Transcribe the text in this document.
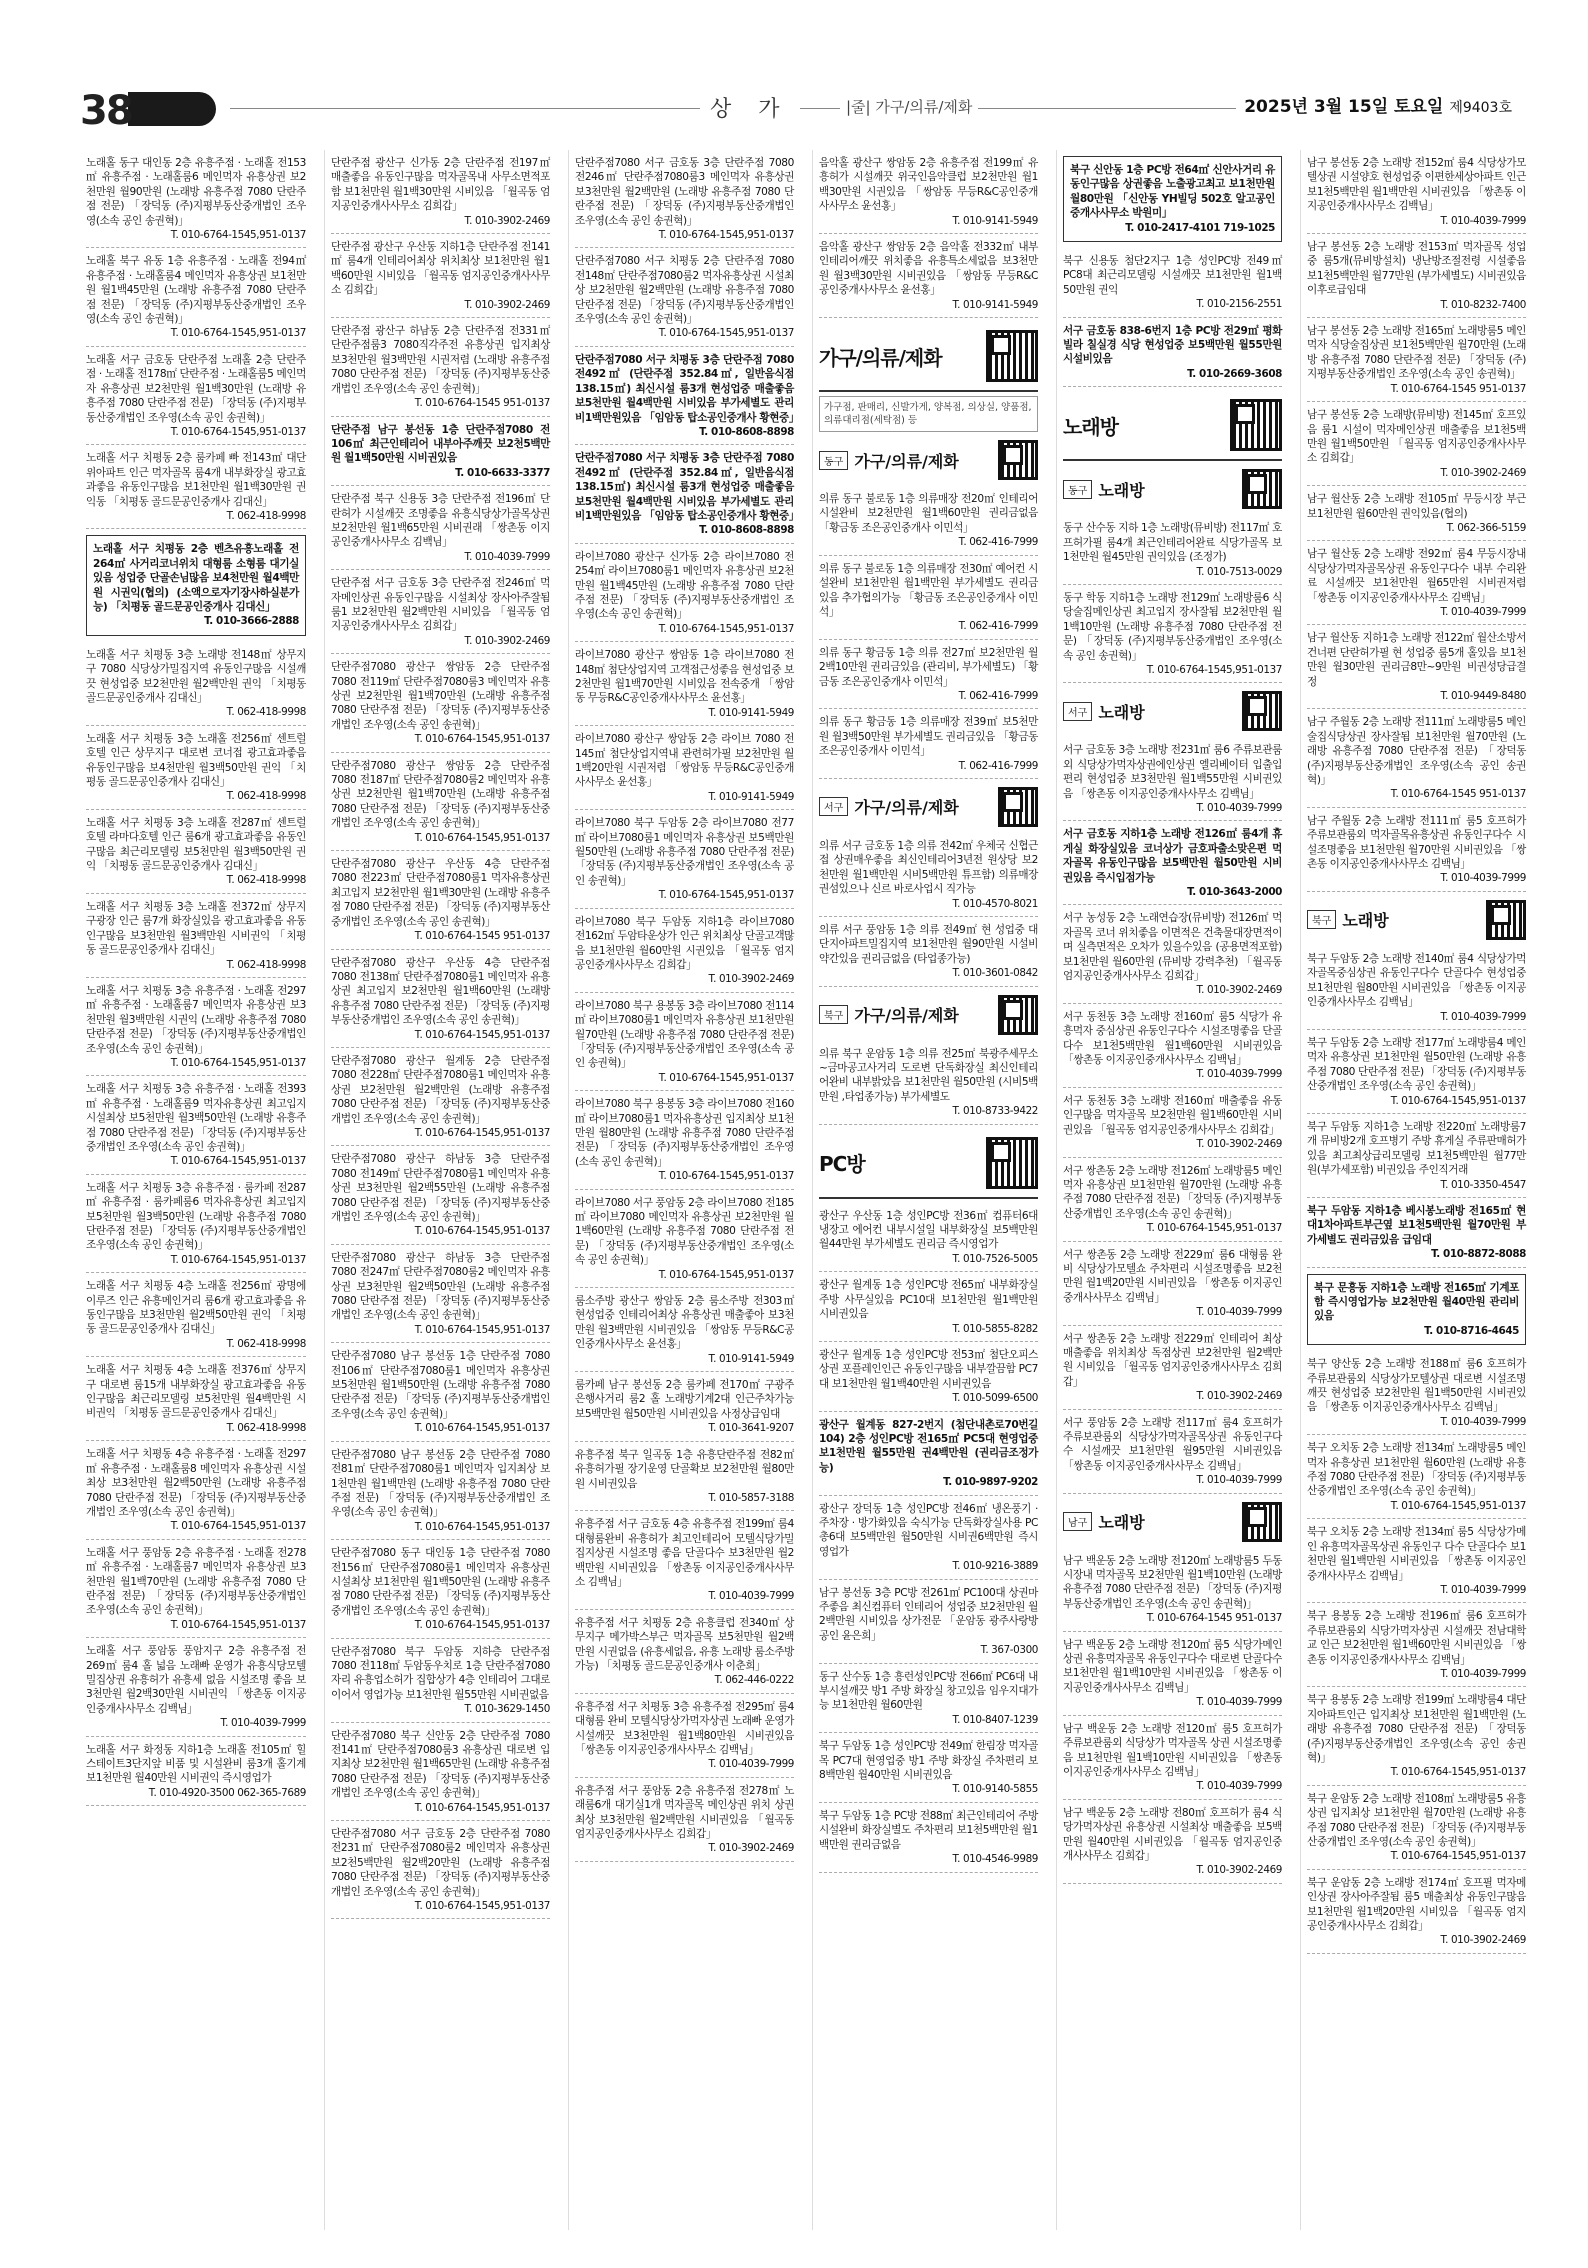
38	상 가	|줄| 가구/의류/제화	2025년 3월 15일 토요일 제9403호
노래홀 동구 대인동 2층 유흥주점 · 노래홀 전153㎡ 유흥주점 · 노래홀룸6 메인먹자 유흥상권 보2천만원 월90만원 (노래방 유흥주점 7080 단란주점 전문) 「장덕동 (주)지평부동산중개법인 조우영(소속 공인 송권혁)」
T. 010-6764-1545,951-0137
노래홀 북구 유동 1층 유흥주점 · 노래홀 전94㎡ 유흥주점 · 노래홀룸4 메인먹자 유흥상권 보1천만원 월1백45만원 (노래방 유흥주점 7080 단란주점 전문) 「장덕동 (주)지평부동산중개법인 조우영(소속 공인 송권혁)」
T. 010-6764-1545,951-0137
노래홀 서구 금호동 단란주점 노래홀 2층 단란주점 · 노래홀 전178㎡ 단란주점 · 노래홀룸5 메인먹자 유흥상권 보2천만원 월1백30만원 (노래방 유흥주점 7080 단란주점 전문) 「장덕동 (주)지평부동산중개법인 조우영(소속 공인 송권혁)」
T. 010-6764-1545,951-0137
노래홀 서구 치평동 2층 룸카페 빠 전143㎡ 대단위아파트 인근 먹자골목 룸4개 내부화장실 광고효과좋음 유동인구많음 보1천만원 월1백30만원 권익동 「치평동 골드문공인중개사 김대신」
T. 062-418-9998
노래홀 서구 치평동 2층 벤츠유흥노래홀 전264㎡ 사거리코너위치 대형룸 소형룸 대기실있음 성업중 단골손님많음 보4천만원 월4백만원 시권익(협의) (소액으로자기장사하실분가능) 「치평동 골드문공인중개사 김대신」
T. 010-3666-2888
노래홀 서구 치평동 3층 노래방 전148㎡ 상무지구 7080 식당상가밀집지역 유동인구많음 시설깨끗 현성업중 보2천만원 월2백만원 권익 「치평동 골드문공인중개사 김대신」
T. 062-418-9998
노래홀 서구 치평동 3층 노래홀 전256㎡ 센트럴호텔 인근 상무지구 대로변 코너접 광고효과좋음 유동인구많음 보4천만원 월3백50만원 권익 「치평동 골드문공인중개사 김대신」
T. 062-418-9998
노래홀 서구 치평동 3층 노래홀 전287㎡ 센트럴호텔 라마다호텔 인근 룸6개 광고효과좋음 유동인구많음 최근리모델링 보5천만원 월3백50만원 권익 「치평동 골드문공인중개사 김대신」
T. 062-418-9998
노래홀 서구 치평동 3층 노래홀 전372㎡ 상무지구광장 인근 룸7개 화장실있음 광고효과좋음 유동인구많음 보3천만원 월3백만원 시비권익 「치평동 골드문공인중개사 김대신」
T. 062-418-9998
노래홀 서구 치평동 3층 유흥주점 · 노래홀 전297㎡ 유흥주점 · 노래홀룸7 메인먹자 유흥상권 보3천만원 월3백만원 시권익 (노래방 유흥주점 7080 단란주점 전문) 「장덕동 (주)지평부동산중개법인 조우영(소속 공인 송권혁)」
T. 010-6764-1545,951-0137
노래홀 서구 치평동 3층 유흥주점 · 노래홀 전393㎡ 유흥주점 · 노래홀룸9 먹자유흥상권 최고입지 시설최상 보5천만원 월3백50만원 (노래방 유흥주점 7080 단란주점 전문) 「장덕동 (주)지평부동산중개법인 조우영(소속 공인 송권혁)」
T. 010-6764-1545,951-0137
노래홀 서구 치평동 3층 유흥주점 · 룸카페 전287㎡ 유흥주점 · 룸카페룸6 먹자유흥상권 최고입지 보5천만원 월3백50만원 (노래방 유흥주점 7080 단란주점 전문) 「장덕동 (주)지평부동산중개법인 조우영(소속 공인 송권혁)」
T. 010-6764-1545,951-0137
노래홀 서구 치평동 4층 노래홀 전256㎡ 광명에이루즈 인근 유흥메인거리 룸6개 광고효과좋음 유동인구많음 보3천만원 월2백50만원 권익 「치평동 골드문공인중개사 김대신」
T. 062-418-9998
노래홀 서구 치평동 4층 노래홀 전376㎡ 상무지구 대로변 룸15개 내부화장실 광고효과좋음 유동인구많음 최근리모델링 보5천만원 월4백만원 시비권익 「치평동 골드문공인중개사 김대신」
T. 062-418-9998
노래홀 서구 치평동 4층 유흥주점 · 노래홀 전297㎡ 유흥주점 · 노래홀룸8 메인먹자 유흥상권 시설최상 보3천만원 월2백50만원 (노래방 유흥주점 7080 단란주점 전문) 「장덕동 (주)지평부동산중개법인 조우영(소속 공인 송권혁)」
T. 010-6764-1545,951-0137
노래홀 서구 풍암동 2층 유흥주점 · 노래홀 전278㎡ 유흥주점 · 노래홀룸7 메인먹자 유흥상권 보3천만원 월1백70만원 (노래방 유흥주점 7080 단란주점 전문) 「장덕동 (주)지평부동산중개법인 조우영(소속 공인 송권혁)」
T. 010-6764-1545,951-0137
노래홀 서구 풍암동 풍암지구 2층 유흥주점 전269㎡ 룸4 홀 넓음 노래빠 운영가 유흥식당모텔밀집상권 유흥허가 유흥세 없음 시설조명 좋음 보3천만원 월2백30만원 시비권익 「쌍촌동 이지공인중개사사무소 김백님」
T. 010-4039-7999
노래홀 서구 화정동 지하1층 노래홀 전105㎡ 힐스테이트3단지앞 비품 및 시설완비 룸3개 홀기계 보1천만원 월40만원 시비권익 즉시영업가
T. 010-4920-3500 062-365-7689
단란주점 광산구 신가동 2층 단란주점 전197㎡ 매출좋음 유동인구많음 먹자골목내 사무소면적포함 보1천만원 월1백30만원 시비있음 「월곡동 엄지공인중개사사무소 김희갑」
T. 010-3902-2469
단란주점 광산구 우산동 지하1층 단란주점 전141㎡ 룸4개 인테리어최상 위치최상 보1천만원 월1백60만원 시비있음 「월곡동 엄지공인중개사사무소 김희갑」
T. 010-3902-2469
단란주점 광산구 하남동 2층 단란주점 전331㎡ 단란주점룸3 7080직각주전 유흥상권 입지최상 보3천만원 월3백만원 시권저렴 (노래방 유흥주점 7080 단란주점 전문) 「장덕동 (주)지평부동산중개법인 조우영(소속 공인 송권혁)」
T. 010-6764-1545 951-0137
단란주점 남구 봉선동 1층 단란주점7080 전106㎡ 최근인테리어 내부아주깨끗 보2천5백만원 월1백50만원 시비권있음
T. 010-6633-3377
단란주점 북구 신용동 3층 단란주점 전196㎡ 단란허가 시설깨끗 조명좋음 유흥식당상가골목상권 보2천만원 월1백65만원 시비권래 「쌍촌동 이지공인중개사사무소 김백님」
T. 010-4039-7999
단란주점 서구 금호동 3층 단란주점 전246㎡ 먹자메인상권 유동인구많음 시설최상 장사아주잘됨 룸1 보2천만원 월2백만원 시비있음 「월곡동 엄지공인중개사사무소 김희갑」
T. 010-3902-2469
단란주점7080 광산구 쌍암동 2층 단란주점 7080 전119㎡ 단란주점7080룸3 메인먹자 유흥상권 보2천만원 월1백70만원 (노래방 유흥주점 7080 단란주점 전문) 「장덕동 (주)지평부동산중개법인 조우영(소속 공인 송권혁)」
T. 010-6764-1545,951-0137
단란주점7080 광산구 쌍암동 2층 단란주점 7080 전187㎡ 단란주점7080룸2 메인먹자 유흥상권 보2천만원 월1백70만원 (노래방 유흥주점 7080 단란주점 전문) 「장덕동 (주)지평부동산중개법인 조우영(소속 공인 송권혁)」
T. 010-6764-1545,951-0137
단란주점7080 광산구 우산동 4층 단란주점 7080 전223㎡ 단란주점7080룸1 먹자유흥상권 최고입지 보2천만원 월1백30만원 (노래방 유흥주점 7080 단란주점 전문) 「장덕동 (주)지평부동산중개법인 조우영(소속 공인 송권혁)」
T. 010-6764-1545 951-0137
단란주점7080 광산구 우산동 4층 단란주점 7080 전138㎡ 단란주점7080룸1 메인먹자 유흥상권 최고입지 보2천만원 월1백60만원 (노래방 유흥주점 7080 단란주점 전문) 「장덕동 (주)지평부동산중개법인 조우영(소속 공인 송권혁)」
T. 010-6764-1545,951-0137
단란주점7080 광산구 월계동 2층 단란주점 7080 전228㎡ 단란주점7080룸1 메인먹자 유흥상권 보2천만원 월2백만원 (노래방 유흥주점 7080 단란주점 전문) 「장덕동 (주)지평부동산중개법인 조우영(소속 공인 송권혁)」
T. 010-6764-1545,951-0137
단란주점7080 광산구 하남동 3층 단란주점 7080 전149㎡ 단란주점7080룸1 메인먹자 유흥상권 보3천만원 월2백55만원 (노래방 유흥주점 7080 단란주점 전문) 「장덕동 (주)지평부동산중개법인 조우영(소속 공인 송권혁)」
T. 010-6764-1545,951-0137
단란주점7080 광산구 하남동 3층 단란주점 7080 전247㎡ 단란주점7080룸2 메인먹자 유흥상권 보3천만원 월2백50만원 (노래방 유흥주점 7080 단란주점 전문) 「장덕동 (주)지평부동산중개법인 조우영(소속 공인 송권혁)」
T. 010-6764-1545,951-0137
단란주점7080 남구 봉선동 1층 단란주점 7080 전106㎡ 단란주점7080룸1 메인먹자 유흥상권 보5천만원 월1백50만원 (노래방 유흥주점 7080 단란주점 전문) 「장덕동 (주)지평부동산중개법인 조우영(소속 공인 송권혁)」
T. 010-6764-1545,951-0137
단란주점7080 남구 봉선동 2층 단란주점 7080 전81㎡ 단란주점7080룸1 메인먹자 입지최상 보1천만원 월1백만원 (노래방 유흥주점 7080 단란주점 전문) 「장덕동 (주)지평부동산중개법인 조우영(소속 공인 송권혁)」
T. 010-6764-1545,951-0137
단란주점7080 동구 대인동 1층 단란주점 7080 전156㎡ 단란주점7080룸1 메인먹자 유흥상권 시설최상 보1천만원 월1백50만원 (노래방 유흥주점 7080 단란주점 전문) 「장덕동 (주)지평부동산중개법인 조우영(소속 공인 송권혁)」
T. 010-6764-1545,951-0137
단란주점7080 북구 두암동 지하층 단란주점7080 전118㎡ 두암동우치로 1층 단란주점7080 자리 유흥업소허가 집합상가 4층 인테리어 그대로 이어서 영업가능 보1천만원 월55만원 시비권없음
T. 010-3629-1450
단란주점7080 북구 신안동 2층 단란주점 7080 전141㎡ 단란주점7080룸3 유흥상권 대로변 입지최상 보2천만원 월1백65만원 (노래방 유흥주점 7080 단란주점 전문) 「장덕동 (주)지평부동산중개법인 조우영(소속 공인 송권혁)」
T. 010-6764-1545,951-0137
단란주점7080 서구 금호동 2층 단란주점 7080 전231㎡ 단란주점7080룸2 메인먹자 유흥상권 보2천5백만원 월2백20만원 (노래방 유흥주점 7080 단란주점 전문) 「장덕동 (주)지평부동산중개법인 조우영(소속 공인 송권혁)」
T. 010-6764-1545,951-0137
단란주점7080 서구 금호동 3층 단란주점 7080 전246㎡ 단란주점7080룸3 메인먹자 유흥상권 보3천만원 월2백만원 (노래방 유흥주점 7080 단란주점 전문) 「장덕동 (주)지평부동산중개법인 조우영(소속 공인 송권혁)」
T. 010-6764-1545,951-0137
단란주점7080 서구 치평동 2층 단란주점 7080 전148㎡ 단란주점7080룸2 먹자유흥상권 시설최상 보2천만원 월2백만원 (노래방 유흥주점 7080 단란주점 전문) 「장덕동 (주)지평부동산중개법인 조우영(소속 공인 송권혁)」
T. 010-6764-1545,951-0137
단란주점7080 서구 치평동 3층 단란주점 7080 전492㎡ (단란주점 352.84㎡, 일반음식점 138.15㎡) 최신시설 룸3개 현성업중 매출좋음 보5천만원 월4백만원 시비있음 부가세별도 관리비1백만원있음 「임암동 탑소공인중개사 황현중」
T. 010-8608-8898
단란주점7080 서구 치평동 3층 단란주점 7080 전492㎡ (단란주점 352.84㎡, 일반음식점 138.15㎡) 최신시설 룸3개 현성업중 매출좋음 보5천만원 월4백만원 시비있음 부가세별도 관리비1백만원있음 「임암동 탑소공인중개사 황현중」
T. 010-8608-8898
라이브7080 광산구 신가동 2층 라이브7080 전254㎡ 라이브7080룸1 메인먹자 유흥상권 보2천만원 월1백45만원 (노래방 유흥주점 7080 단란주점 전문) 「장덕동 (주)지평부동산중개법인 조우영(소속 공인 송권혁)」
T. 010-6764-1545,951-0137
라이브7080 광산구 쌍암동 1층 라이브7080 전148㎡ 첨단상업지역 고객접근성좋음 현성업중 보2천만원 월1백70만원 시비있음 전속중개 「쌍암동 무등R&C공인중개사사무소 윤선홍」
T. 010-9141-5949
라이브7080 광산구 쌍암동 2층 라이브 7080 전145㎡ 첨단상업지역내 관련허가필 보2천만원 월1백20만원 시권저렴 「쌍암동 무등R&C공인중개사사무소 윤선홍」
T. 010-9141-5949
라이브7080 북구 두암동 2층 라이브7080 전77㎡ 라이브7080룸1 메인먹자 유흥상권 보5백만원 월50만원 (노래방 유흥주점 7080 단란주점 전문) 「장덕동 (주)지평부동산중개법인 조우영(소속 공인 송권혁)」
T. 010-6764-1545,951-0137
라이브7080 북구 두암동 지하1층 라이브7080 전162㎡ 두암타운상가 인근 위치최상 단골고객많음 보1천만원 월60만원 시권있음 「월곡동 엄지공인중개사사무소 김희갑」
T. 010-3902-2469
라이브7080 북구 용봉동 3층 라이브7080 전114㎡ 라이브7080룸1 메인먹자 유흥상권 보1천만원 월70만원 (노래방 유흥주점 7080 단란주점 전문) 「장덕동 (주)지평부동산중개법인 조우영(소속 공인 송권혁)」
T. 010-6764-1545,951-0137
라이브7080 북구 용봉동 3층 라이브7080 전160㎡ 라이브7080룸1 먹자유흥상권 입지최상 보1천만원 월80만원 (노래방 유흥주점 7080 단란주점 전문) 「장덕동 (주)지평부동산중개법인 조우영(소속 공인 송권혁)」
T. 010-6764-1545,951-0137
라이브7080 서구 풍암동 2층 라이브7080 전185㎡ 라이브7080 메인먹자 유흥상권 보2천만원 월1백60만원 (노래방 유흥주점 7080 단란주점 전문) 「장덕동 (주)지평부동산중개법인 조우영(소속 공인 송권혁)」
T. 010-6764-1545,951-0137
룸소주방 광산구 쌍암동 2층 룸소주방 전303㎡ 현성업중 인테리어최상 유흥상권 매출좋아 보3천만원 월3백만원 시비권있음 「쌍암동 무등R&C공인중개사사무소 윤선홍」
T. 010-9141-5949
룸카페 남구 봉선동 2층 룸카페 전170㎡ 구광주은행사거리 룸2 홀 노래방기계2대 인근주차가능 보5백만원 월50만원 시비권있음 사정상급임대
T. 010-3641-9207
유흥주점 북구 일곡동 1층 유흥단란주점 전82㎡ 유흥허가필 장기운영 단골확보 보2천만원 월80만원 시비권있음
T. 010-5857-3188
유흥주점 서구 금호동 4층 유흥주점 전199㎡ 룸4 대형룸완비 유흥허가 최고인테리어 모텔식당가밀집지상권 시설조명 좋음 단골다수 보3천만원 월2백만원 시비권있음 「쌍촌동 이지공인중개사사무소 김백님」
T. 010-4039-7999
유흥주점 서구 치평동 2층 유흥클럽 전340㎡ 상무지구 메가박스부근 먹자골목 보5천만원 월2백만원 시권없음 (유흥세없음, 유흥 노래방 룸소주방가능) 「치평동 골드문공인중개사 이춘희」
T. 062-446-0222
유흥주점 서구 치평동 3층 유흥주점 전295㎡ 룸4 대형룸 완비 모텔식당상가먹자상권 노래빠 운영가 시설깨끗 보3천만원 월1백80만원 시비권있음 「쌍촌동 이지공인중개사사무소 김백님」
T. 010-4039-7999
유흥주점 서구 풍암동 2층 유흥주점 전278㎡ 노래룸6개 대기실1개 먹자골목 메인상권 위치 상권최상 보3천만원 월2백만원 시비권있음 「월곡동 엄지공인중개사사무소 김희갑」
T. 010-3902-2469
음악홀 광산구 쌍암동 2층 유흥주점 전199㎡ 유흥허가 시설깨끗 위국인음악클럽 보2천만원 월1백30만원 시권있음 「쌍암동 무등R&C공인중개사사무소 윤선홍」
T. 010-9141-5949
음악홀 광산구 쌍암동 2층 음악홀 전332㎡ 내부인테리어깨끗 위치좋음 유흥특소세없음 보3천만원 월3백30만원 시비권있음 「쌍암동 무등R&C공인중개사사무소 윤선홍」
T. 010-9141-5949
가구/의류/제화
가구점, 판매리, 신발가게, 양복점, 의상실, 양품점, 의류대리점(세탁점) 등
동구 가구/의류/제화
의류 동구 불로동 1층 의류매장 전20㎡ 인테리어 시설완비 보2천만원 월1백60만원 권리금없음 「황금동 조은공인중개사 이민석」
T. 062-416-7999
의류 동구 불로동 1층 의류매장 전30㎡ 예어컨 시설완비 보1천만원 월1백만원 부가세별도 권리금있음 추가협의가능 「황금동 조은공인중개사 이민석」
T. 062-416-7999
의류 동구 황금동 1층 의류 전27㎡ 보2천만원 월2백10만원 권리금있음 (관리비, 부가세별도) 「황금동 조은공인중개사 이민석」
T. 062-416-7999
의류 동구 황금동 1층 의류매장 전39㎡ 보5천만원 월3백50만원 부가세별도 권리금있음 「황금동 조은공인중개사 이민석」
T. 062-416-7999
서구 가구/의류/제화
의류 서구 금호동 1층 의류 전42㎡ 우체국 신협근접 상권매우좋음 최신인테리어3년전 원상당 보2천만원 월1백만원 시비5백만원 튜프함) 의류매장권섬있으나 신르 바로사업시 직가능
T. 010-4570-8021
의류 서구 풍암동 1층 의류 전49㎡ 현 성업중 대단지아파트밀집지역 보1천만원 월90만원 시설비약간있음 권리금없음 (타업종가능)
T. 010-3601-0842
북구 가구/의류/제화
의류 북구 운암동 1층 의류 전25㎡ 북광주세무소~금마공고사거리 도로변 단독화장실 최신인테리어완비 내부밝았음 보1천만원 월50만원 (시비5백만원 ,타업종가능) 부가세별도
T. 010-8733-9422
PC방
광산구 우산동 1층 성인PC방 전36㎡ 컴퓨터6대 냉장고 에어컨 내부시설일 내부화장실 보5백만원 월44만원 부가세별도 권리금 즉시영업가
T. 010-7526-5005
광산구 월계동 1층 성인PC방 전65㎡ 내부화장실 주방 사무실있음 PC10대 보1천만원 월1백만원 시비권있음
T. 010-5855-8282
광산구 월계동 1층 성인PC방 전53㎡ 첨단오피스상권 포플레인인근 유동인구많음 내부깔끔함 PC7대 보1천만원 월1백40만원 시비권있음
T. 010-5099-6500
광산구 월계동 827-2번지 (첨단내촌로70번길104) 2층 성인PC방 전165㎡ PC5대 현영업중 보1천만원 월55만원 권4백만원 (권리금조정가능)
T. 010-9897-9202
광산구 장덕동 1층 성인PC방 전46㎡ 냉온풍기 · 주차장 · 방가화있음 숙식가능 단독화장실사용 PC총6대 보5백만원 월50만원 시비권6백만원 즉시영업가
T. 010-9216-3889
남구 봉선동 3층 PC방 전261㎡ PC100대 상권마주좋음 최신컴퓨터 인테리어 성업중 보2천만원 월2백만원 시비있음 상가전문 「운암동 광주사랑방공인 윤은희」
T. 367-0300
동구 산수동 1층 흥런성인PC방 전66㎡ PC6대 내부시설깨끗 방1 주방 화장실 창고있음 임우지대가능 보1천만원 월60만원
T. 010-8407-1239
북구 두암동 1층 성인PC방 전49㎡ 한림장 먹자골목 PC7대 현영업중 방1 주방 화장실 주차편리 보8백만원 월40만원 시비권있음
T. 010-9140-5855
북구 두암동 1층 PC방 전88㎡ 최근인테리어 주방시설완비 화장실별도 주차편리 보1천5백만원 월1백만원 권리금없음
T. 010-4546-9989
북구 신안동 1층 PC방 전64㎡ 신안사거리 유동인구많음 상권좋음 노출광고최고 보1천만원 월80만원 「신안동 YH빌딩 502호 알고공인중개사사무소 박원미」
T. 010-2417-4101 719-1025
북구 신용동 첨단2지구 1층 성인PC방 전49㎡ PC8대 최근리모델링 시설깨끗 보1천만원 월1백50만원 권익
T. 010-2156-2551
서구 금호동 838-6번지 1층 PC방 전29㎡ 평화빌라 칠실경 식당 현성업중 보5백만원 월55만원 시설비있음
T. 010-2669-3608
노래방
동구 노래방
동구 산수동 지하 1층 노래방(뮤비방) 전117㎡ 호프허가필 룸4개 최근인테리어완료 식당가골목 보1천만원 월45만원 권익있음 (조정가)
T. 010-7513-0029
동구 학동 지하1층 노래방 전129㎡ 노래방룸6 식당술집메인상권 최고입지 장사잘됨 보2천만원 월1백10만원 (노래방 유흥주점 7080 단란주점 전문) 「장덕동 (주)지평부동산중개법인 조우영(소속 공인 송권혁)」
T. 010-6764-1545,951-0137
서구 노래방
서구 금호동 3층 노래방 전231㎡ 룸6 주류보관룸외 식당상가먹자상권에인상권 엘리베이터 입출입 편리 현성업중 보3천만원 월1백55만원 시비권있음 「쌍촌동 이지공인중개사사무소 김백님」
T. 010-4039-7999
서구 금호동 지하1층 노래방 전126㎡ 룸4개 휴게실 화장실있음 코너상가 금호파출소맞은편 먹자골목 유동인구많음 보5백만원 월50만원 시비권있음 즉시입점가능
T. 010-3643-2000
서구 농성동 2층 노래연습장(뮤비방) 전126㎡ 먹자골목 코너 위치좋음 이면적은 건축물대장면적이며 실측면적은 오차가 있을수있음 (공용면적포함) 보1천만원 월60만원 (뮤비방 강력추천) 「월곡동 엄지공인중개사사무소 김희갑」
T. 010-3902-2469
서구 동천동 3층 노래방 전160㎡ 룸5 식당가 유흥먹자 중심상권 유동인구다수 시설조명좋음 단골다수 보1천5백만원 월1백60만원 시비권있음 「쌍촌동 이지공인중개사사무소 김백님」
T. 010-4039-7999
서구 동천동 3층 노래방 전160㎡ 매출좋음 유동인구많음 먹자골목 보2천만원 월1백60만원 시비권있음 「월곡동 엄지공인중개사사무소 김희갑」
T. 010-3902-2469
서구 쌍촌동 2층 노래방 전126㎡ 노래방룸5 메인먹자 유흥상권 보1천만원 월70만원 (노래방 유흥주점 7080 단란주점 전문) 「장덕동 (주)지평부동산중개법인 조우영(소속 공인 송권혁)」
T. 010-6764-1545,951-0137
서구 쌍촌동 2층 노래방 전229㎡ 룸6 대형룸 완비 식당상가모텔쇼 주차편리 시설조명좋음 보2천만원 월1백20만원 시비권있음 「쌍촌동 이지공인중개사사무소 김백님」
T. 010-4039-7999
서구 쌍촌동 2층 노래방 전229㎡ 인테리어 최상 매출좋음 위치최상 독점상권 보2천만원 월2백만원 시비있음 「월곡동 엄지공인중개사사무소 김희갑」
T. 010-3902-2469
서구 풍암동 2층 노래방 전117㎡ 룸4 호프허가 주류보관룸외 식당상가먹자골목상권 유동인구다수 시설깨끗 보1천만원 월95만원 시비권있음 「쌍촌동 이지공인중개사사무소 김백님」
T. 010-4039-7999
남구 노래방
남구 백운동 2층 노래방 전120㎡ 노래방룸5 두동시장내 먹자골목 보2천만원 월1백10만원 (노래방 유흥주점 7080 단란주점 전문) 「장덕동 (주)지평부동산중개법인 조우영(소속 공인 송권혁)」
T. 010-6764-1545 951-0137
남구 백운동 2층 노래방 전120㎡ 룸5 식당가메인상권 유흥먹자골목 유동인구다수 대로변 단골다수 보1천만원 월1백10만원 시비권있음 「쌍촌동 이지공인중개사사무소 김백님」
T. 010-4039-7999
남구 백운동 2층 노래방 전120㎡ 룸5 호프허가 주류보관룸외 식당상가 먹자골목 상권 시설조명좋음 보1천만원 월1백10만원 시비권있음 「쌍촌동 이지공인중개사사무소 김백님」
T. 010-4039-7999
남구 백운동 2층 노래방 전80㎡ 호프허가 룸4 식당가먹자상권 유흥상권 시설최상 매출좋음 보5백만원 월40만원 시비권있음 「월곡동 엄지공인중개사사무소 김희갑」
T. 010-3902-2469
남구 봉선동 2층 노래방 전152㎡ 룸4 식당상가모텔상권 시설양호 현성업중 이편한세상아파트 인근 보1천5백만원 월1백만원 시비권있음 「쌍촌동 이지공인중개사사무소 김백님」
T. 010-4039-7999
남구 봉선동 2층 노래방 전153㎡ 먹자골목 성업중 룸5개(뮤비방설치) 냉난방조절전령 시설좋음 보1천5백만원 월77만원 (부가세별도) 시비권있음 이후로급임대
T. 010-8232-7400
남구 봉선동 2층 노래방 전165㎡ 노래방룸5 메인먹자 식당술집상권 보1천5백만원 월70만원 (노래방 유흥주점 7080 단란주점 전문) 「장덕동 (주)지평부동산중개법인 조우영(소속 공인 송권혁)」
T. 010-6764-1545 951-0137
남구 봉선동 2층 노래방(뮤비방) 전145㎡ 호프있음 룸1 시설이 먹자메인상권 매출좋음 보1천5백만원 월1백50만원 「월곡동 엄지공인중개사사무소 김희갑」
T. 010-3902-2469
남구 월산동 2층 노래방 전105㎡ 무등시장 부근 보1천만원 월60만원 권익있음(협의)
T. 062-366-5159
남구 월산동 2층 노래방 전92㎡ 룸4 무등시장내 식당상가먹자골목상권 유동인구다수 내부 수리완료 시설깨끗 보1천만원 월65만원 시비권저렴 「쌍촌동 이지공인중개사사무소 김백님」
T. 010-4039-7999
남구 월산동 지하1층 노래방 전122㎡ 월산소방서건너편 단란허가필 현 성업중 룸5개 홀있음 보1천만원 월30만원 권리금8만~9만원 비권성당급결정
T. 010-9449-8480
남구 주월동 2층 노래방 전111㎡ 노래방룸5 메인술집식당상권 장사잘됨 보1천만원 월70만원 (노래방 유흥주점 7080 단란주점 전문) 「장덕동 (주)지평부동산중개법인 조우영(소속 공인 송권혁)」
T. 010-6764-1545 951-0137
남구 주월동 2층 노래방 전111㎡ 룸5 호프허가 주류보관룸외 먹자골목유흥상권 유동인구다수 시설조명좋음 보1천만원 월70만원 시비권있음 「쌍촌동 이지공인중개사사무소 김백님」
T. 010-4039-7999
북구 노래방
북구 두암동 2층 노래방 전140㎡ 룸4 식당상가먹자골목중심상권 유동인구다수 단골다수 현성업중 보1천만원 월80만원 시비권있음 「쌍촌동 이지공인중개사사무소 김백님」
T. 010-4039-7999
북구 두암동 2층 노래방 전177㎡ 노래방룸4 메인먹자 유흥상권 보1천만원 월50만원 (노래방 유흥주점 7080 단란주점 전문) 「장덕동 (주)지평부동산중개법인 조우영(소속 공인 송권혁)」
T. 010-6764-1545,951-0137
북구 두암동 지하1층 노래방 전220㎡ 노래방룸7개 뮤비방2개 호프병기 주방 휴게실 주류판매허가있음 최고최상급리모델링 보1천5백만원 월77만원(부가세포함) 비권있음 주인직거래
T. 010-3350-4547
북구 두암동 지하1층 베시봉노래방 전165㎡ 현대1차아파트부근옆 보1천5백만원 월70만원 부가세별도 권리금있음 급임대
T. 010-8872-8088
북구 문흥동 지하1층 노래방 전165㎡ 기계포함 즉시영업가능 보2천만원 월40만원 관리비있음
T. 010-8716-4645
북구 양산동 2층 노래방 전188㎡ 룸6 호프허가 주류보관룸외 식당상가모텔상권 대로변 시설조명깨끗 현성업중 보2천만원 월1백50만원 시비권있음 「쌍촌동 이지공인중개사사무소 김백님」
T. 010-4039-7999
북구 오치동 2층 노래방 전134㎡ 노래방룸5 메인먹자 유흥상권 보1천만원 월60만원 (노래방 유흥주점 7080 단란주점 전문) 「장덕동 (주)지평부동산중개법인 조우영(소속 공인 송권혁)」
T. 010-6764-1545,951-0137
북구 오치동 2층 노래방 전134㎡ 룸5 식당상가메인 유흥먹자골목상권 유동인구 다수 단골다수 보1천만원 월1백만원 시비권있음 「쌍촌동 이지공인중개사사무소 김백님」
T. 010-4039-7999
북구 용봉동 2층 노래방 전196㎡ 룸6 호프허가 주류보관룸외 식당가먹자상권 시설깨끗 전남대학교 인근 보2천만원 월1백60만원 시비권있음 「쌍촌동 이지공인중개사사무소 김백님」
T. 010-4039-7999
북구 용봉동 2층 노래방 전199㎡ 노래방룸4 대단지아파트인근 입지최상 보1천만원 월1백만원 (노래방 유흥주점 7080 단란주점 전문) 「장덕동 (주)지평부동산중개법인 조우영(소속 공인 송권혁)」
T. 010-6764-1545,951-0137
북구 운암동 2층 노래방 전108㎡ 노래방룸5 유흥상권 입지최상 보1천만원 월70만원 (노래방 유흥주점 7080 단란주점 전문) 「장덕동 (주)지평부동산중개법인 조우영(소속 공인 송권혁)」
T. 010-6764-1545,951-0137
북구 운암동 2층 노래방 전174㎡ 호프필 먹자메인상권 장사아주잘됨 룸5 매출최상 유동인구많음 보1천만원 월1백20만원 시비있음 「월곡동 엄지공인중개사사무소 김희갑」
T. 010-3902-2469
